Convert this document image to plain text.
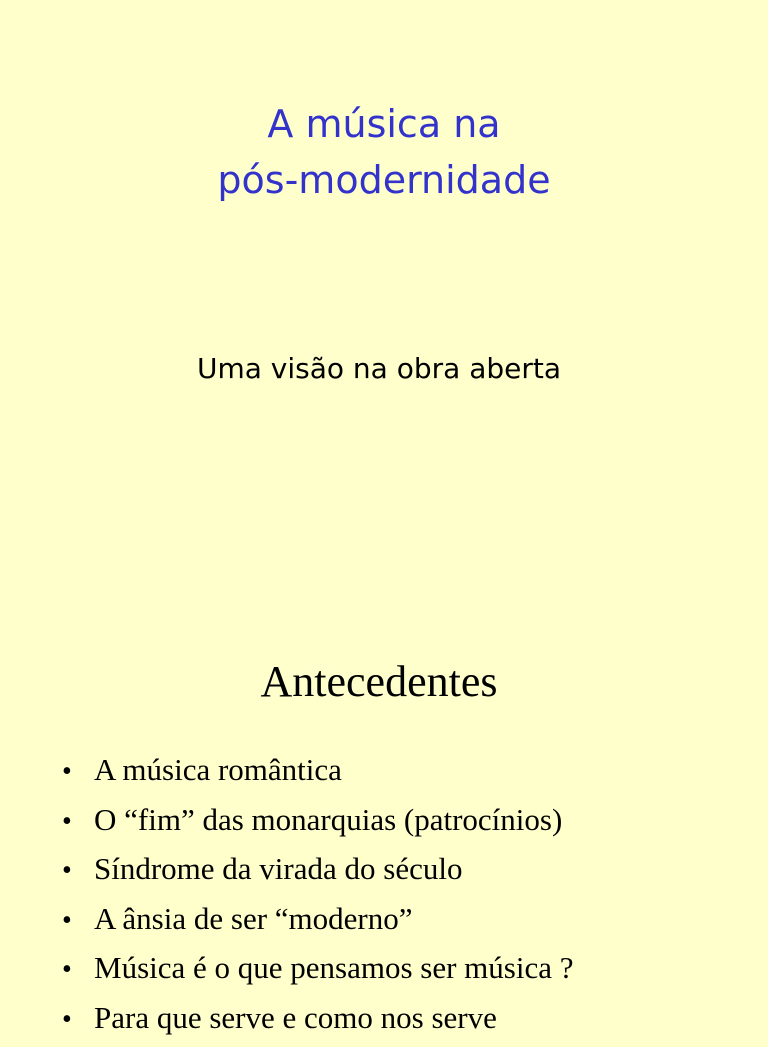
A música na
pós-modernidade
Uma visão na obra aberta
Antecedentes
• A música romântica
• O “fim” das monarquias (patrocínios)
• Síndrome da virada do século
• A ânsia de ser “moderno”
• Música é o que pensamos ser música ?
• Para que serve e como nos serve
